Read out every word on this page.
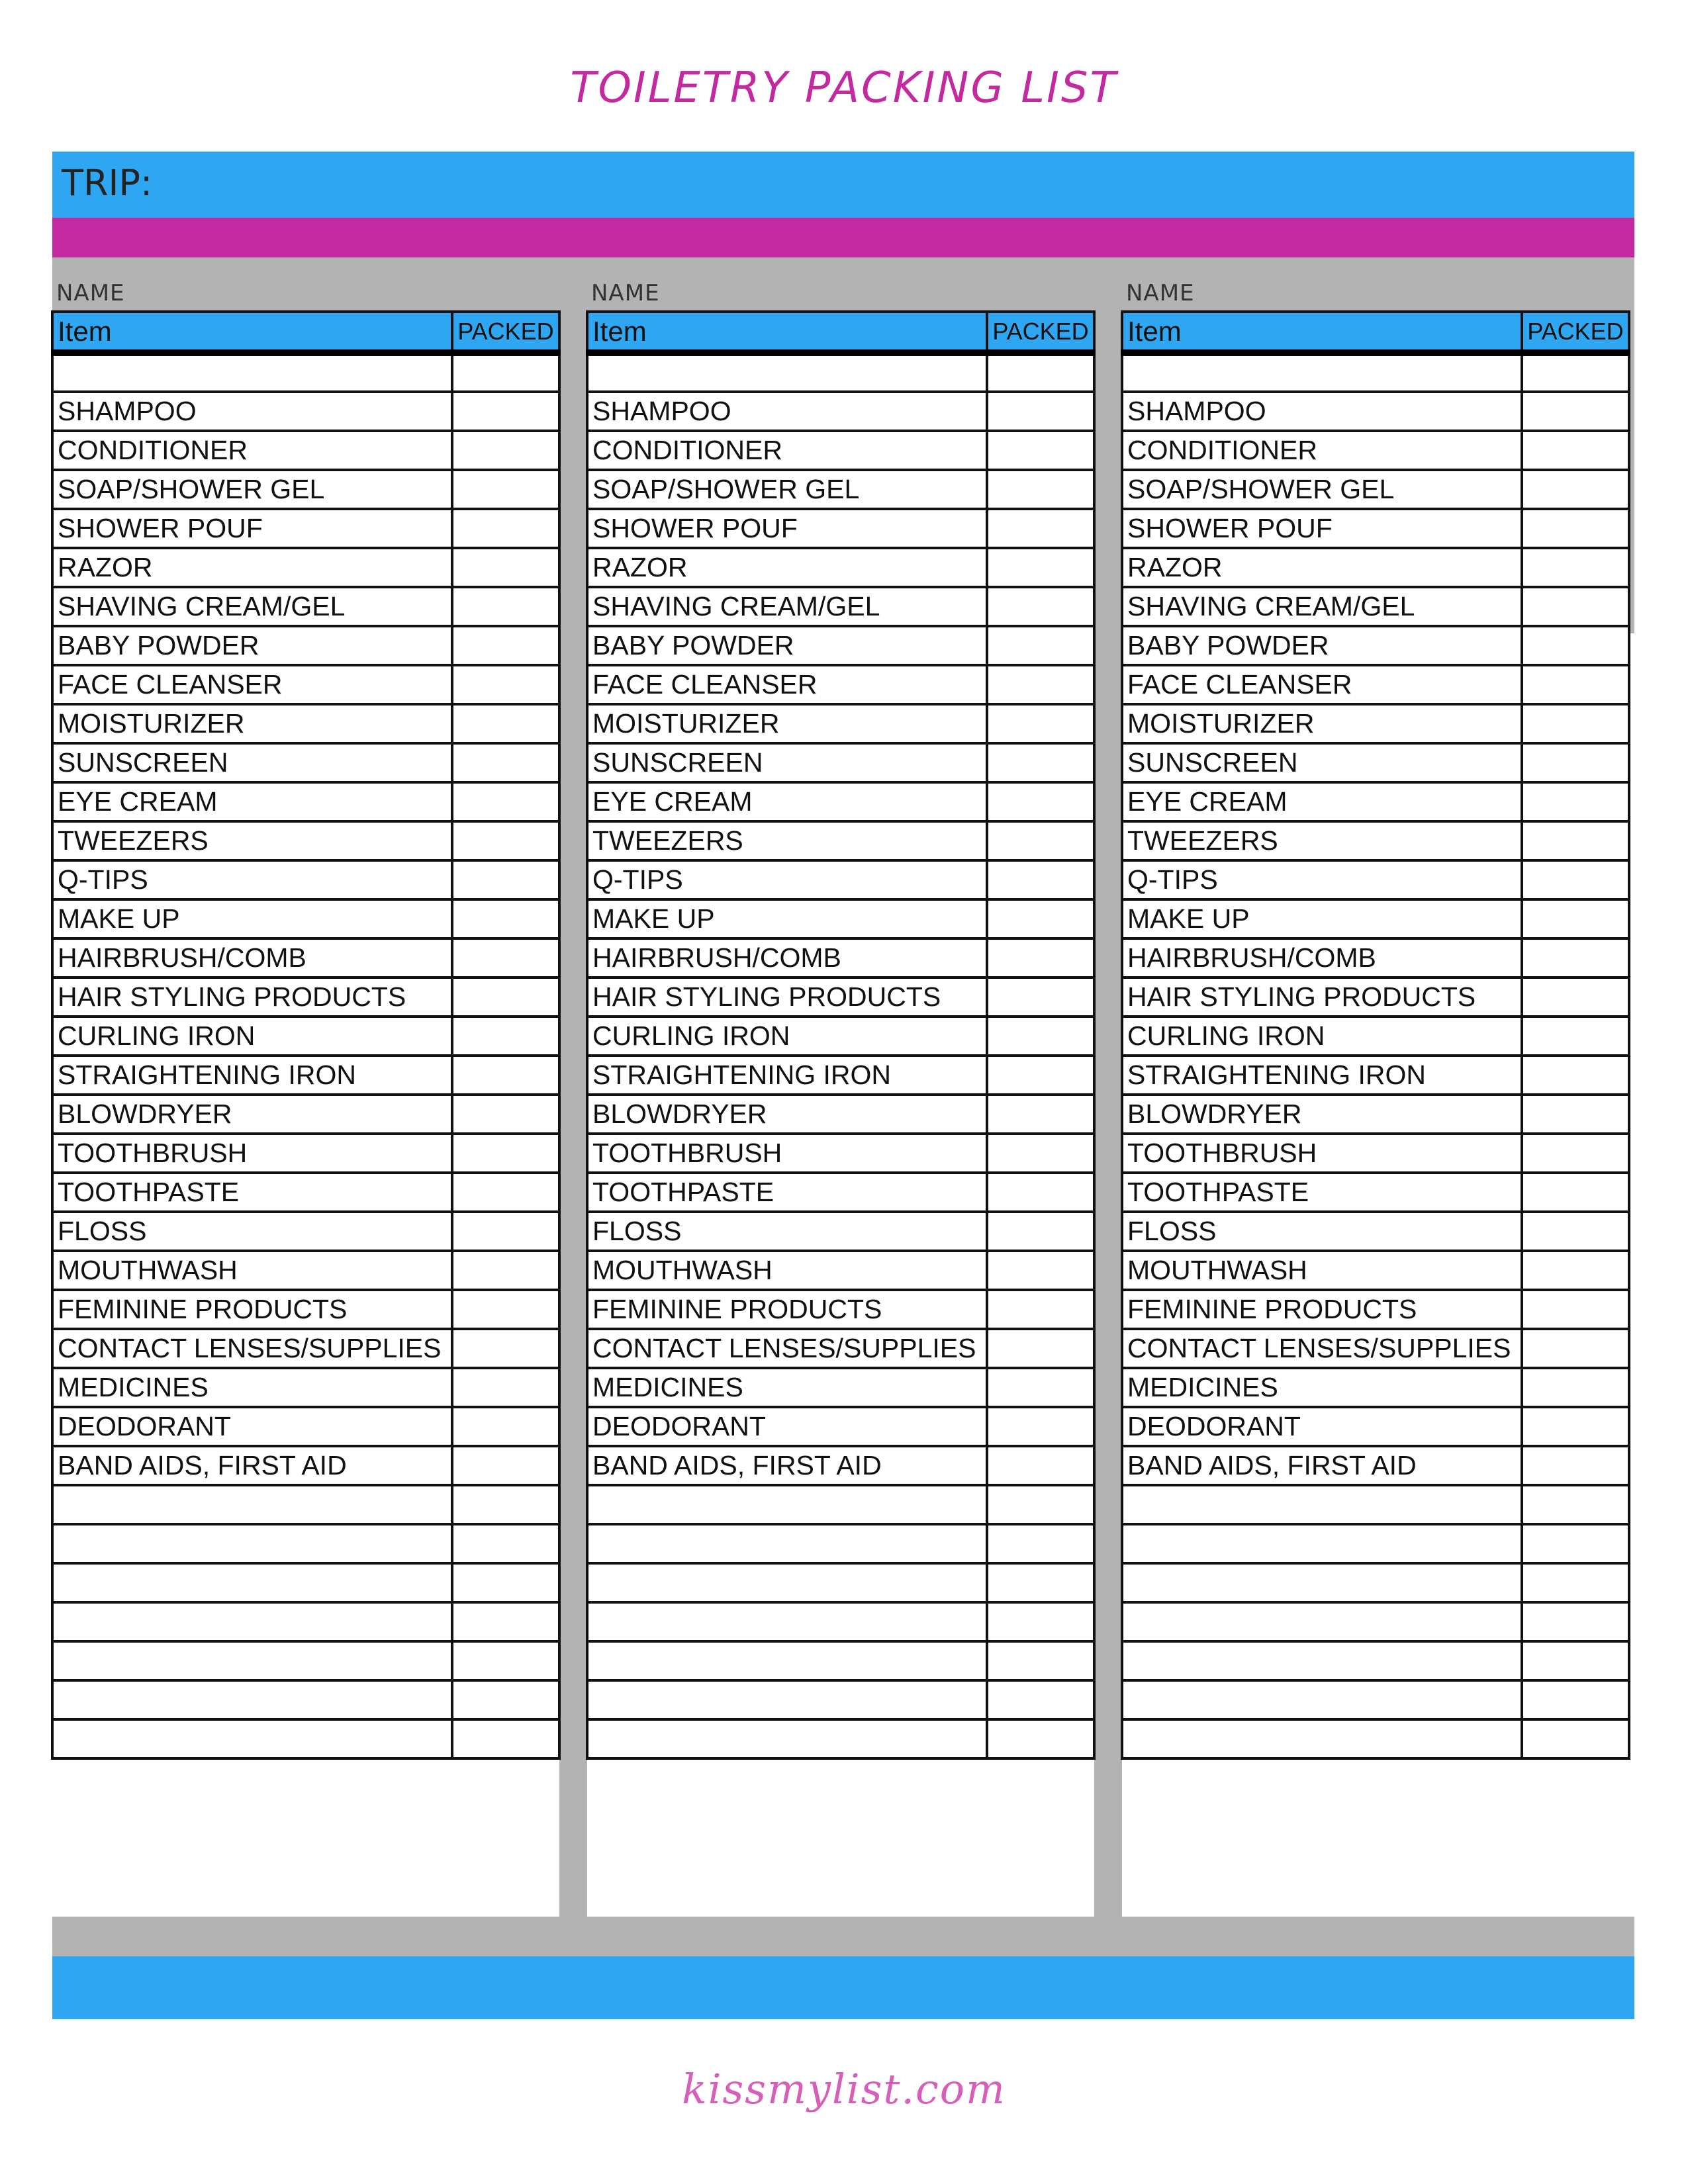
TOILETRY PACKING LIST
TRIP:
NAME
Item	PACKED

SHAMPOO	
CONDITIONER	
SOAP/SHOWER GEL	
SHOWER POUF	
RAZOR	
SHAVING CREAM/GEL	
BABY POWDER	
FACE CLEANSER	
MOISTURIZER	
SUNSCREEN	
EYE CREAM	
TWEEZERS	
Q-TIPS	
MAKE UP	
HAIRBRUSH/COMB	
HAIR STYLING PRODUCTS	
CURLING IRON	
STRAIGHTENING IRON	
BLOWDRYER	
TOOTHBRUSH	
TOOTHPASTE	
FLOSS	
MOUTHWASH	
FEMININE PRODUCTS	
CONTACT LENSES/SUPPLIES	
MEDICINES	
DEODORANT	
BAND AIDS, FIRST AID	

NAME
Item	PACKED

SHAMPOO	
CONDITIONER	
SOAP/SHOWER GEL	
SHOWER POUF	
RAZOR	
SHAVING CREAM/GEL	
BABY POWDER	
FACE CLEANSER	
MOISTURIZER	
SUNSCREEN	
EYE CREAM	
TWEEZERS	
Q-TIPS	
MAKE UP	
HAIRBRUSH/COMB	
HAIR STYLING PRODUCTS	
CURLING IRON	
STRAIGHTENING IRON	
BLOWDRYER	
TOOTHBRUSH	
TOOTHPASTE	
FLOSS	
MOUTHWASH	
FEMININE PRODUCTS	
CONTACT LENSES/SUPPLIES	
MEDICINES	
DEODORANT	
BAND AIDS, FIRST AID	

NAME
Item	PACKED

SHAMPOO	
CONDITIONER	
SOAP/SHOWER GEL	
SHOWER POUF	
RAZOR	
SHAVING CREAM/GEL	
BABY POWDER	
FACE CLEANSER	
MOISTURIZER	
SUNSCREEN	
EYE CREAM	
TWEEZERS	
Q-TIPS	
MAKE UP	
HAIRBRUSH/COMB	
HAIR STYLING PRODUCTS	
CURLING IRON	
STRAIGHTENING IRON	
BLOWDRYER	
TOOTHBRUSH	
TOOTHPASTE	
FLOSS	
MOUTHWASH	
FEMININE PRODUCTS	
CONTACT LENSES/SUPPLIES	
MEDICINES	
DEODORANT	
BAND AIDS, FIRST AID	

kissmylist.com
